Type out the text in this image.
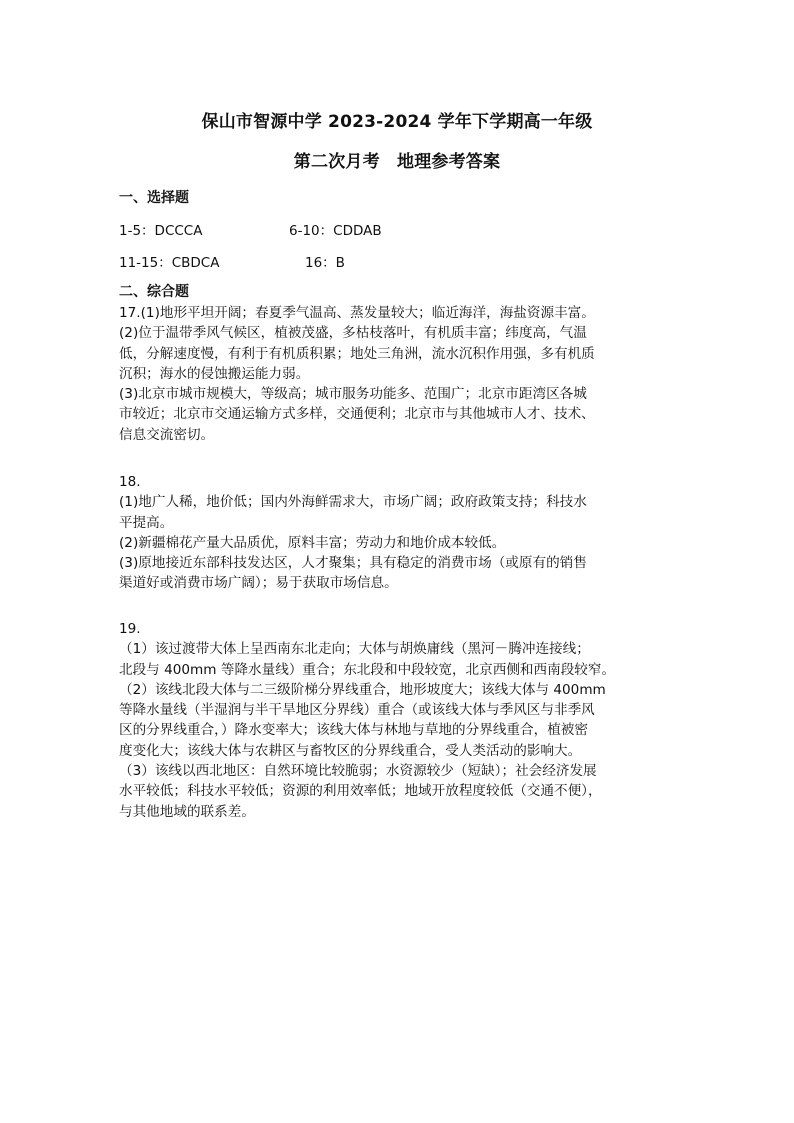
保山市智源中学 2023-2024 学年下学期高一年级
第二次月考　地理参考答案
一、选择题
1-5：DCCCA	6-10：CDDAB
11-15：CBDCA	16：B
二、综合题
17.(1)地形平坦开阔；春夏季气温高、蒸发量较大；临近海洋，海盐资源丰富。
(2)位于温带季风气候区，植被茂盛，多枯枝落叶，有机质丰富；纬度高，气温
低，分解速度慢，有利于有机质积累；地处三角洲，流水沉积作用强，多有机质
沉积；海水的侵蚀搬运能力弱。
(3)北京市城市规模大，等级高；城市服务功能多、范围广；北京市距湾区各城
市较近；北京市交通运输方式多样，交通便利；北京市与其他城市人才、技术、
信息交流密切。
18.
(1)地广人稀，地价低；国内外海鲜需求大，市场广阔；政府政策支持；科技水
平提高。
(2)新疆棉花产量大品质优，原料丰富；劳动力和地价成本较低。
(3)原地接近东部科技发达区，人才聚集；具有稳定的消费市场（或原有的销售
渠道好或消费市场广阔）；易于获取市场信息。
19.
（1）该过渡带大体上呈西南东北走向；大体与胡焕庸线（黑河－腾冲连接线；
北段与 400mm 等降水量线）重合；东北段和中段较宽，北京西侧和西南段较窄。
（2）该线北段大体与二三级阶梯分界线重合，地形坡度大；该线大体与 400mm
等降水量线（半湿润与半干旱地区分界线）重合（或该线大体与季风区与非季风
区的分界线重合，）降水变率大；该线大体与林地与草地的分界线重合，植被密
度变化大；该线大体与农耕区与畜牧区的分界线重合，受人类活动的影响大。
（3）该线以西北地区：自然环境比较脆弱；水资源较少（短缺）；社会经济发展
水平较低；科技水平较低；资源的利用效率低；地域开放程度较低（交通不便），
与其他地域的联系差。
